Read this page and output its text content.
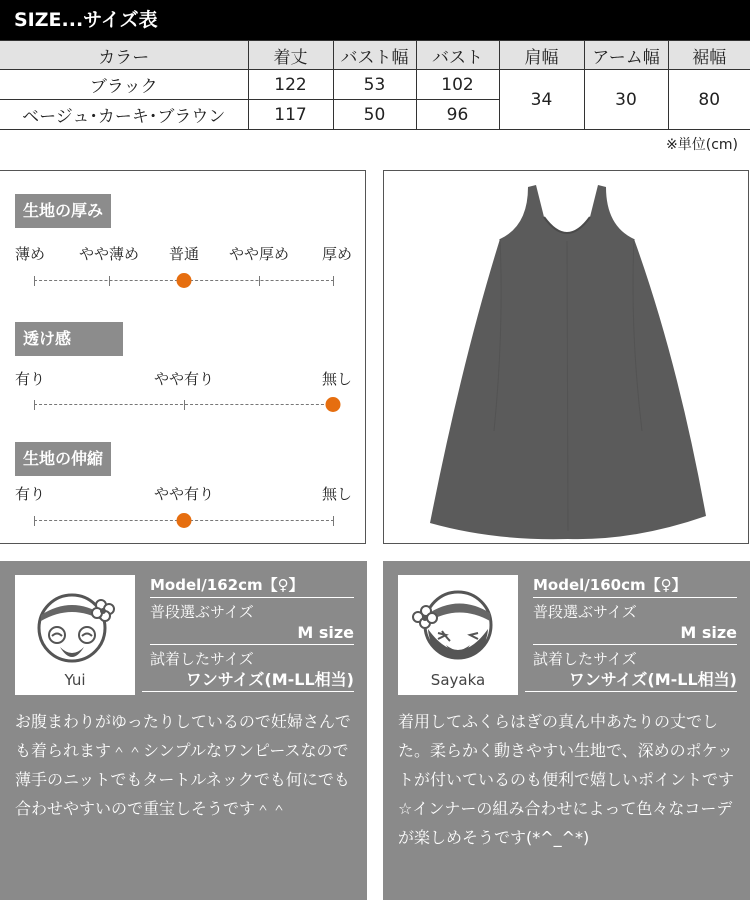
SIZE...サイズ表
カラー	着丈	バスト幅	バスト	肩幅	アーム幅	裾幅
ブラック	122	53	102	34	30	80
ベージュ･カーキ･ブラウン	117	50	96			
※単位(cm)
生地の厚み
薄め やや薄め 普通 やや厚め 厚め
透け感
有り	やや有り	無し
生地の伸縮
有り	やや有り	無し
Yui
Model/162cm【♀】
普段選ぶサイズ
M size
試着したサイズ
ワンサイズ(M-LL相当)
お腹まわりがゆったりしているので妊婦さんでも着られます＾＾シンプルなワンピースなので薄手のニットでもタートルネックでも何にでも合わせやすいので重宝しそうです＾＾
Sayaka
Model/160cm【♀】
普段選ぶサイズ
M size
試着したサイズ
ワンサイズ(M-LL相当)
着用してふくらはぎの真ん中あたりの丈でした。柔らかく動きやすい生地で、深めのポケットが付いているのも便利で嬉しいポイントです☆インナーの組み合わせによって色々なコーデが楽しめそうです(*^_^*)
